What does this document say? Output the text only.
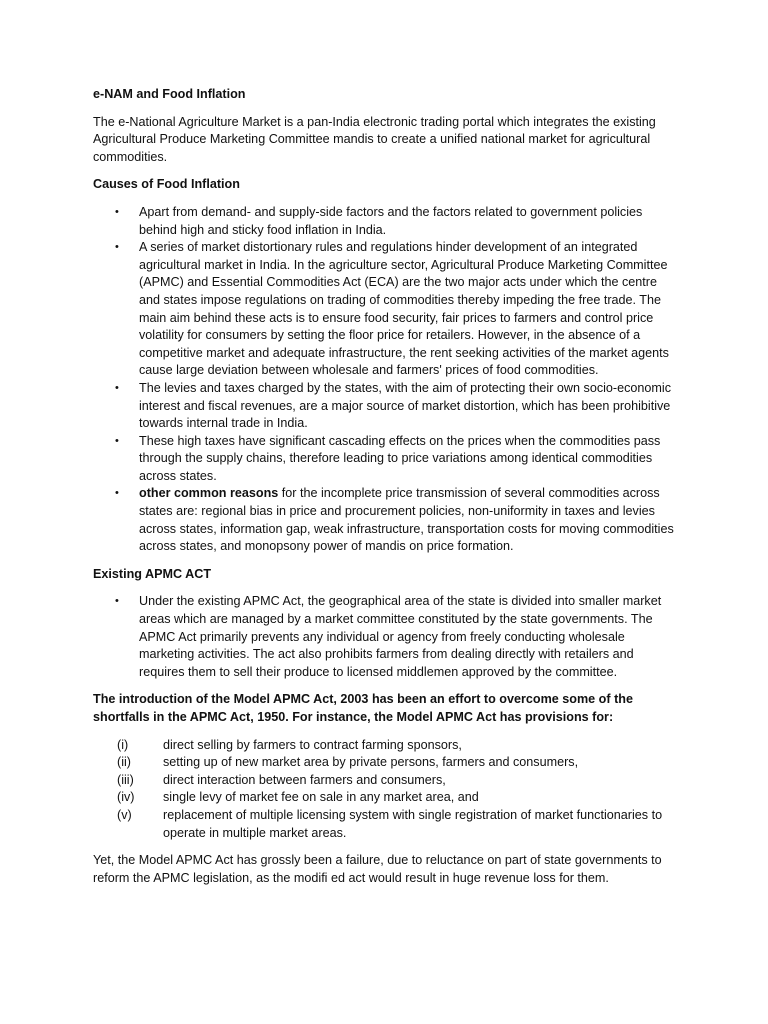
e-NAM and Food Inflation

The e-National Agriculture Market is a pan-India electronic trading portal which integrates the existing Agricultural Produce Marketing Committee mandis to create a unified national market for agricultural commodities.

Causes of Food Inflation
• Apart from demand- and supply-side factors and the factors related to government policies behind high and sticky food inflation in India.
• A series of market distortionary rules and regulations hinder development of an integrated agricultural market in India. In the agriculture sector, Agricultural Produce Marketing Committee (APMC) and Essential Commodities Act (ECA) are the two major acts under which the centre and states impose regulations on trading of commodities thereby impeding the free trade. The main aim behind these acts is to ensure food security, fair prices to farmers and control price volatility for consumers by setting the floor price for retailers. However, in the absence of a competitive market and adequate infrastructure, the rent seeking activities of the market agents cause large deviation between wholesale and farmers' prices of food commodities.
• The levies and taxes charged by the states, with the aim of protecting their own socio-economic interest and fiscal revenues, are a major source of market distortion, which has been prohibitive towards internal trade in India.
• These high taxes have significant cascading effects on the prices when the commodities pass through the supply chains, therefore leading to price variations among identical commodities across states.
• other common reasons for the incomplete price transmission of several commodities across states are: regional bias in price and procurement policies, non-uniformity in taxes and levies across states, information gap, weak infrastructure, transportation costs for moving commodities across states, and monopsony power of mandis on price formation.
Existing APMC ACT
• Under the existing APMC Act, the geographical area of the state is divided into smaller market areas which are managed by a market committee constituted by the state governments. The APMC Act primarily prevents any individual or agency from freely conducting wholesale marketing activities. The act also prohibits farmers from dealing directly with retailers and requires them to sell their produce to licensed middlemen approved by the committee.

The introduction of the Model APMC Act, 2003 has been an effort to overcome some of the shortfalls in the APMC Act, 1950. For instance, the Model APMC Act has provisions for:

(i)	direct selling by farmers to contract farming sponsors,
(ii)	setting up of new market area by private persons, farmers and consumers,
(iii) direct interaction between farmers and consumers,
(iv) single levy of market fee on sale in any market area, and
(v) replacement of multiple licensing system with single registration of market functionaries to operate in multiple market areas.

Yet, the Model APMC Act has grossly been a failure, due to reluctance on part of state governments to reform the APMC legislation, as the modifi ed act would result in huge revenue loss for them.
